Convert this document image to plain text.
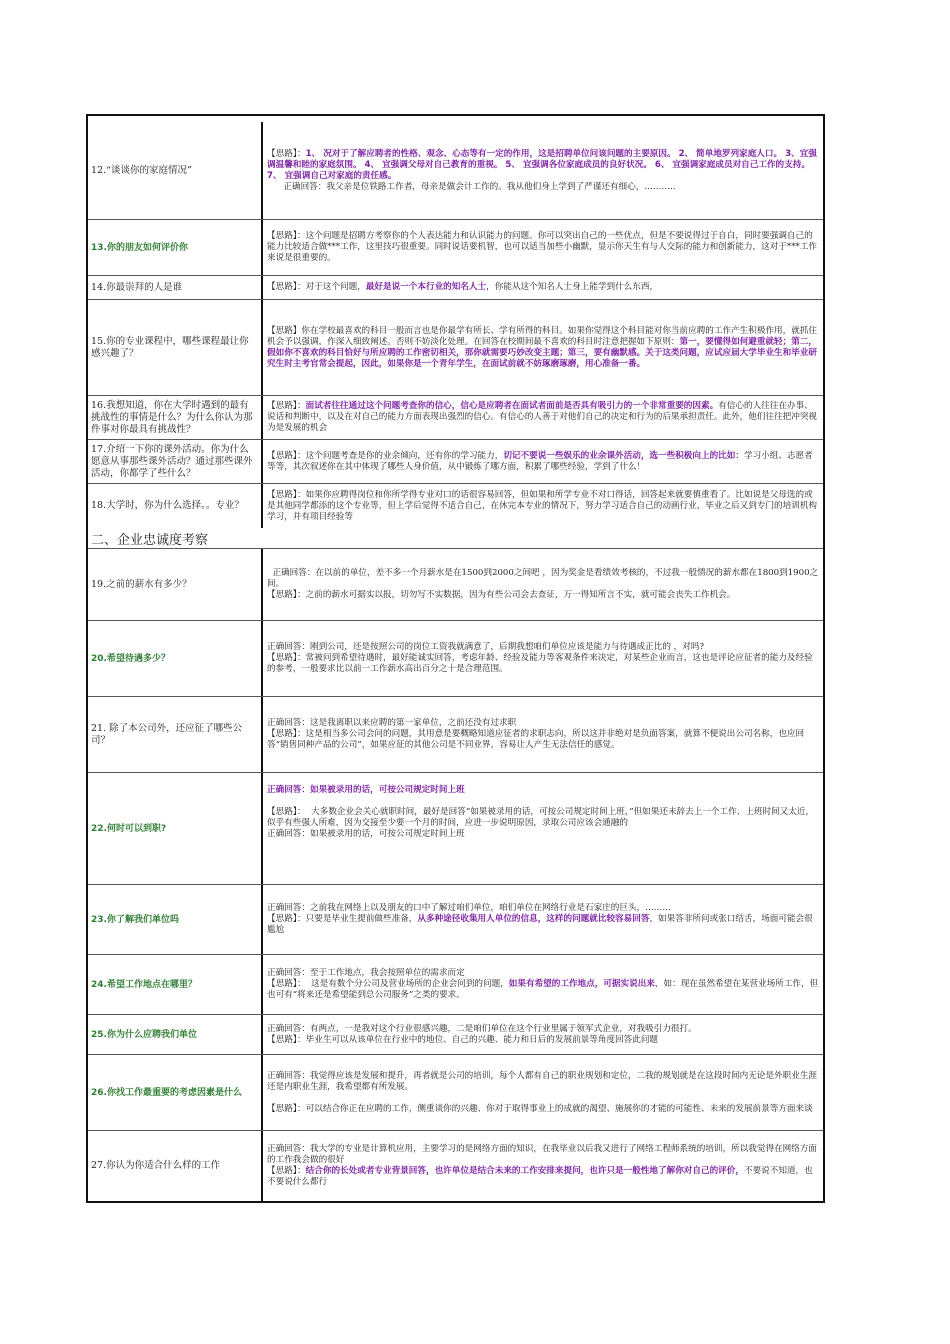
12.“谈谈你的家庭情况”
【思路】：1、 况对于了解应聘者的性格、观念、心态等有一定的作用，这是招聘单位问该问题的主要原因。 2、 简单地罗列家庭人口。 3、宜强调温馨和睦的家庭氛围。 4、 宜强调父母对自己教育的重视。 5、 宜强调各位家庭成员的良好状况。 6、 宜强调家庭成员对自己工作的支持。 7、 宜强调自己对家庭的责任感。
正确回答：我父亲是位铁路工作者，母亲是做会计工作的。我从他们身上学到了严谨还有细心，………..
13.你的朋友如何评价你
【思路】：这个问题是招聘方考察你的个人表达能力和认识能力的问题。你可以突出自己的一些优点，但是不要说得过于自白，同时要强调自己的能力比较适合做***工作，这里技巧很重要。同时说话要机智，也可以适当加些小幽默，显示你天生有与人交际的能力和创新能力，这对于***工作来说是很重要的。
14.你最崇拜的人是谁	【思路】：对于这个问题，最好是说一个本行业的知名人士，你能从这个知名人士身上能学到什么东西，
15.你的专业课程中，哪些课程最让你感兴趣了？
【思路】你在学校最喜欢的科目一般而言也是你最学有所长、学有所得的科目。如果你觉得这个科目能对你当前应聘的工作产生积极作用，就抓住机会予以强调，作深入细致阐述。否则不妨淡化处理。在回答在校期间最不喜欢的科目时注意把握如下原则：第一，要懂得如何避重就轻；第二，假如你不喜欢的科目恰好与所应聘的工作密切相关，那你就需要巧妙改变主题；第三，要有幽默感。关于这类问题，应试应届大学毕业生和毕业研究生时主考官常会提起，因此，如果你是一个青年学生，在面试前就不妨琢磨琢磨，用心准备一番。
16.我想知道，你在大学时遇到的最有挑战性的事情是什么？为什么你认为那件事对你最具有挑战性？
【思路】：面试者往往通过这个问题考查你的信心，信心是应聘者在面试者面前是否具有吸引力的一个非常重要的因素。有信心的人往往在办事、说话和判断中，以及在对自己的能力方面表现出强烈的信心。有信心的人善于对他们自己的决定和行为的后果承担责任。此外，他们往往把冲突视为是发展的机会
17.介绍一下你的课外活动。你为什么愿意从事那些课外活动？通过那些课外活动，你都学了些什么？
【思路】：这个问题考查是你的业余倾向，还有你的学习能力，切记不要说一些娱乐的业余课外活动，选一些积极向上的比如：学习小组、志愿者等等，其次叙述你在其中体现了哪些人身价值，从中锻炼了哪方面，积累了哪些经验，学到了什么！
18.大学时，你为什么选择。。专业？
【思路】：如果你应聘得岗位和你所学得专业对口的话很容易回答，但如果和所学专业不对口得话，回答起来就要慎重看了。比如说是父母选的或是其他同学都添的这个专业等，但上学后觉得不适合自己，在休完本专业的情况下，努力学习适合自己的动画行业，毕业之后又到专门的培训机构学习，并有项目经验等
二、企业忠诚度考察
19.之前的薪水有多少？
正确回答：在以前的单位，差不多一个月薪水是在1500到2000之间吧 ，因为奖金是看绩效考核的，不过我一般情况的薪水都在1800到1900之间。
【思路】：之前的薪水可据实以报，切勿写不实数据，因为有些公司会去查证，万一得知所言不实，就可能会丧失工作机会。
20.希望待遇多少？
正确回答：刚到公司，还是按照公司的岗位工资我就满意了，后期我想咱们单位应该是能力与待遇成正比的 ，对吗?
【思路】：常被问到希望待遇时，最好能诚实回答，考虑年龄、经验及能力等客观条件来决定，对某些企业而言，这也是评论应征者的能力及经验的参考，一般要求比以前一工作薪水高出百分之十是合理范围。
21. 除了本公司外，还应征了哪些公司？
正确回答：这是我离职以来应聘的第一家单位，之前还没有过求职
【思路】：这是相当多公司会问的问题，其用意是要概略知道应征者的求职志向，所以这并非绝对是负面答案，就算不便说出公司名称，也应回答“销售同种产品的公司”，如果应征的其他公司是不同业界，容易让人产生无法信任的感觉。
22.何时可以到职?
正确回答：如果被录用的话，可按公司规定时间上班

【思路】：  大多数企业会关心就职时间，最好是回答“如果被录用的话，可按公司规定时间上班，”但如果还未辞去上一个工作、上班时间又太近，似乎有些强人所难，因为交接至少要一个月的时间，应进一步说明原因，录取公司应该会通融的
正确回答：如果被录用的话，可按公司规定时间上班
23.你了解我们单位吗
正确回答：之前我在网络上以及朋友的口中了解过咱们单位，咱们单位在网络行业是石家庄的巨头，………
【思路】：只要是毕业生提前做些准备，从多种途径收集用人单位的信息，这样的问题就比较容易回答，如果答非所问或张口结舌，场面可能会很尴尬
24.希望工作地点在哪里？
正确回答：至于工作地点，我会按照单位的需求而定
【思路】：  这是有数个分公司及营业场所的企业会问到的问题，如果有希望的工作地点，可据实说出来，如：现在虽然希望在某营业场所工作，但也可有“将来还是希望能到总公司服务”之类的要求。
25.你为什么应聘我们单位
正确回答：有两点，一是我对这个行业很感兴趣，二是咱们单位在这个行业里属于领军式企业，对我吸引力很打。
【思路】：毕业生可以从该单位在行业中的地位、自己的兴趣、能力和日后的发展前景等角度回答此问题
26.你找工作最重要的考虑因素是什么
正确回答：我觉得应该是发展和提升，再者就是公司的培训，每个人都有自己的职业规划和定位，二我的规划就是在这段时间内无论是外职业生涯还是内职业生涯，我希望都有所发展。

【思路】：可以结合你正在应聘的工作，侧重谈你的兴趣、你对于取得事业上的成就的渴望、施展你的才能的可能性、未来的发展前景等方面来谈
27.你认为你适合什么样的工作
正确回答：我大学的专业是计算机应用，主要学习的是网络方面的知识，在我毕业以后我又进行了网络工程师系统的培训，所以我觉得在网络方面的工作我会做的很好
【思路】：结合你的长处或者专业背景回答，也许单位是结合未来的工作安排来提问，也许只是一般性地了解你对自己的评价，不要说不知道，也不要说什么都行
